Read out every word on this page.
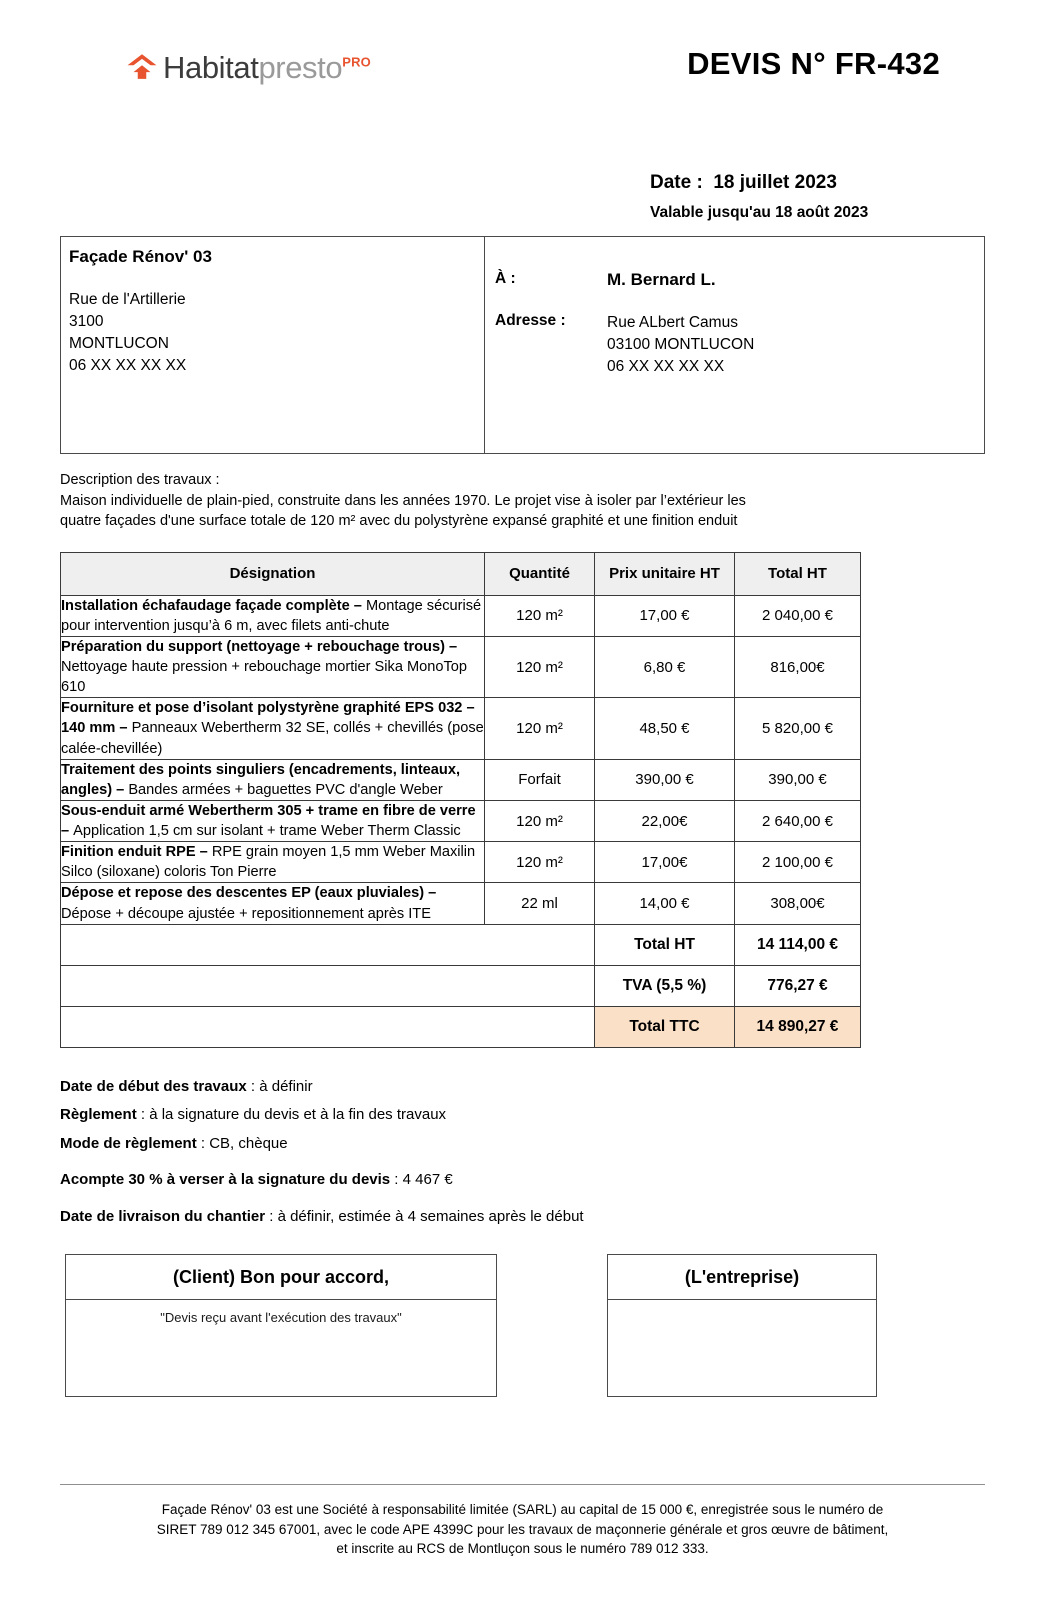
Habitatpresto$^{PRO}$	DEVIS N° FR-432
Date : 18 juillet 2023
Valable jusqu'au 18 août 2023
Façade Rénov' 03
Rue de l'Artillerie
3100
MONTLUCON
06 XX XX XX XX
À :	M. Bernard L.
Adresse :	Rue ALbert Camus
03100 MONTLUCON
06 XX XX XX XX
Description des travaux :
Maison individuelle de plain-pied, construite dans les années 1970. Le projet vise à isoler par l’extérieur les
quatre façades d'une surface totale de 120 m² avec du polystyrène expansé graphité et une finition enduit
Désignation	Quantité	Prix unitaire HT	Total HT
Installation échafaudage façade complète – Montage sécurisé pour intervention jusqu’à 6 m, avec filets anti-chute	120 m²	17,00 €	2 040,00 €
Préparation du support (nettoyage + rebouchage trous) – Nettoyage haute pression + rebouchage mortier Sika MonoTop 610	120 m²	6,80 €	816,00€
Fourniture et pose d’isolant polystyrène graphité EPS 032 – 140 mm – Panneaux Webertherm 32 SE, collés + chevillés (pose calée-chevillée)	120 m²	48,50 €	5 820,00 €
Traitement des points singuliers (encadrements, linteaux, angles) – Bandes armées + baguettes PVC d'angle Weber	Forfait	390,00 €	390,00 €
Sous-enduit armé Webertherm 305 + trame en fibre de verre – Application 1,5 cm sur isolant + trame Weber Therm Classic	120 m²	22,00€	2 640,00 €
Finition enduit RPE – RPE grain moyen 1,5 mm Weber Maxilin Silco (siloxane) coloris Ton Pierre	120 m²	17,00€	2 100,00 €
Dépose et repose des descentes EP (eaux pluviales) – Dépose + découpe ajustée + repositionnement après ITE	22 ml	14,00 €	308,00€
		Total HT	14 114,00 €
		TVA (5,5 %)	776,27 €
		Total TTC	14 890,27 €
Date de début des travaux : à définir
Règlement : à la signature du devis et à la fin des travaux
Mode de règlement : CB, chèque
Acompte 30 % à verser à la signature du devis : 4 467 €
Date de livraison du chantier : à définir, estimée à 4 semaines après le début
(Client) Bon pour accord,
"Devis reçu avant l'exécution des travaux"
(L'entreprise)
Façade Rénov' 03 est une Société à responsabilité limitée (SARL) au capital de 15 000 €, enregistrée sous le numéro de
SIRET 789 012 345 67001, avec le code APE 4399C pour les travaux de maçonnerie générale et gros œuvre de bâtiment,
et inscrite au RCS de Montluçon sous le numéro 789 012 333.
